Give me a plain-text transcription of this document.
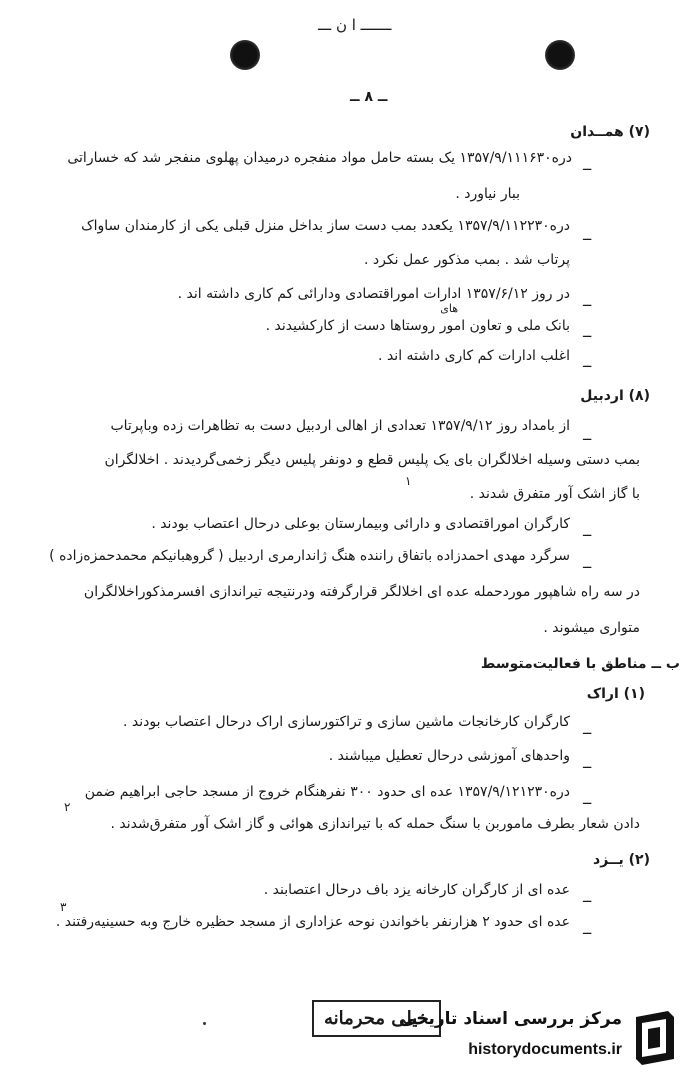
ـــــــ ا ن ـــ
ــ ۸ ــ
(۷) همــدان
ــ
درە۱۳۵۷/۹/۱۱۱۶۳۰ یک بسته حامل مواد منفجره درمیدان پهلوی منفجر شد که خساراتی
ببار نیاورد .
ــ
درە۱۳۵۷/۹/۱۱۲۲۳۰ یکعدد بمب دست ساز بداخل منزل قبلی یکی از کارمندان ساواک
پرتاب شد . بمب مذکور عمل نکرد .
ــ
در روز ۱۳۵۷/۶/۱۲ ادارات اموراقتصادی ودارائی کم کاری داشته اند .
های
ــ
بانک ملی و تعاون امور روستاها دست از کارکشیدند .
ــ
اغلب ادارات کم کاری داشته اند .
(۸) اردبیل
ــ
از بامداد روز ۱۳۵۷/۹/۱۲ تعدادی از اهالی اردبیل دست به تظاهرات زده وباپرتاب
بمب دستی وسیله اخلالگران بای یک پلیس قطع و دونفر پلیس دیگر زخمی‌گردیدند . اخلالگران
با گاز اشک آور متفرق شدند .
ــ
کارگران اموراقتصادی و دارائی وبیمارستان بوعلی درحال اعتصاب بودند .
ــ
سرگرد مهدی احمدزاده باتفاق راننده هنگ ژاندارمری اردبیل ( گروهبانیکم محمدحمزەزاده )
در سه راه شاهپور موردحمله عده ای اخلالگر قرارگرفته ودرنتیجه تیراندازی افسرمذکوراخلالگران
متواری میشوند .
ب ــ مناطق با فعالیت‌متوسط
(۱) اراک
ــ
کارگران کارخانجات ماشین سازی و تراکتورسازی اراک درحال اعتصاب بودند .
ــ
واحدهای آموزشی درحال تعطیل میباشند .
ــ
درە۱۳۵۷/۹/۱۲۱۲۳۰ عده ای حدود ۳۰۰ نفرهنگام خروج از مسجد حاجی ابراهیم ضمن
دادن شعار بطرف ماموربن با سنگ حمله که با تیراندازی هوائی و گاز اشک آور متفرق‌شدند .
(۲) یــزد
ــ
عده ای از کارگران کارخانه یزد باف درحال اعتصابند .
ــ
عده ای حدود ۲ هزارنفر باخواندن نوحه عزاداری از مسجد حظیره خارج وبه حسینیەرفتند .
۱
۲
۳
خیلی محرمانه
مرکز بررسی اسناد تاریخی
historydocuments.ir
